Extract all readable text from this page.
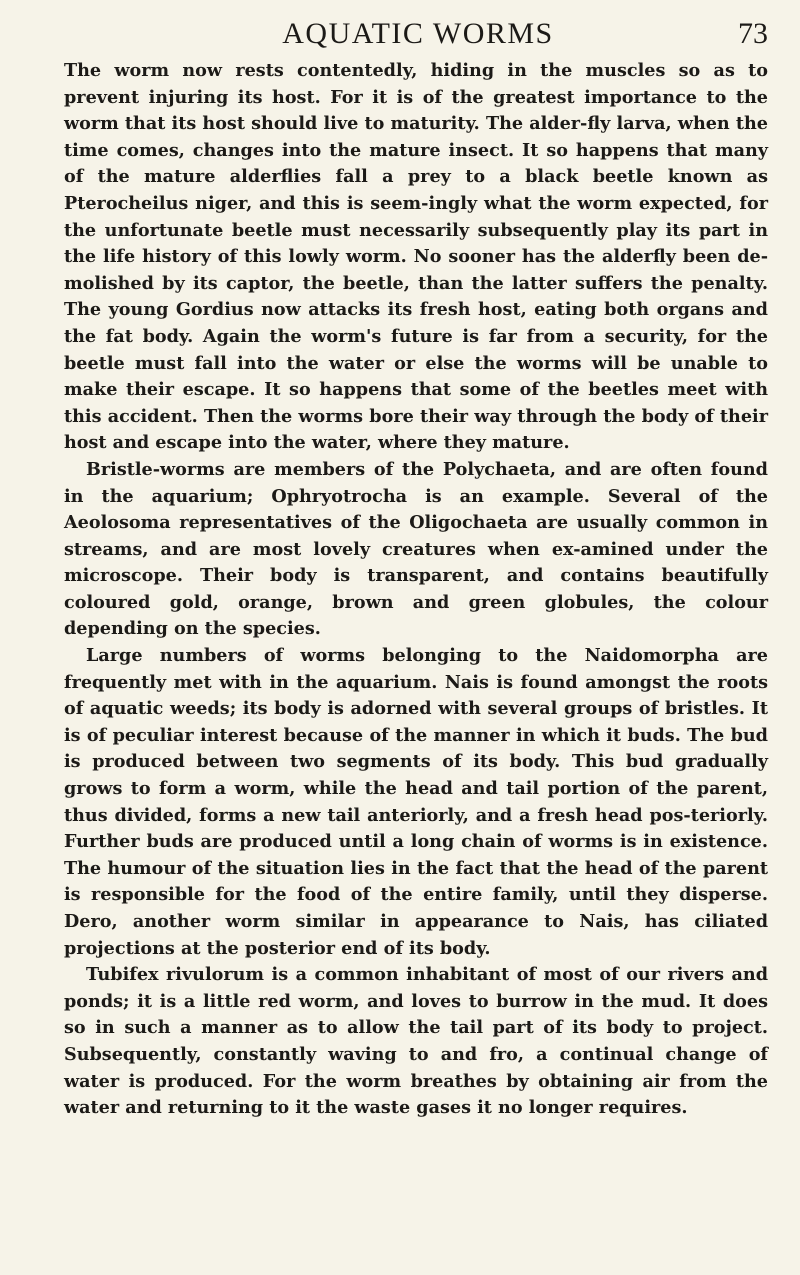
AQUATIC WORMS	73

The worm now rests contentedly, hiding in the muscles so as to prevent injuring its host. For it is of the greatest importance to the worm that its host should live to maturity. The alder-fly larva, when the time comes, changes into the mature insect. It so happens that many of the mature alderflies fall a prey to a black beetle known as Pterocheilus niger, and this is seem-ingly what the worm expected, for the unfortunate beetle must necessarily subsequently play its part in the life history of this lowly worm. No sooner has the alderfly been de-molished by its captor, the beetle, than the latter suffers the penalty. The young Gordius now attacks its fresh host, eating both organs and the fat body. Again the worm's future is far from a security, for the beetle must fall into the water or else the worms will be unable to make their escape. It so happens that some of the beetles meet with this accident. Then the worms bore their way through the body of their host and escape into the water, where they mature.

Bristle-worms are members of the Polychaeta, and are often found in the aquarium; Ophryotrocha is an example. Several of the Aeolosoma representatives of the Oligochaeta are usually common in streams, and are most lovely creatures when ex-amined under the microscope. Their body is transparent, and contains beautifully coloured gold, orange, brown and green globules, the colour depending on the species.

Large numbers of worms belonging to the Naidomorpha are frequently met with in the aquarium. Nais is found amongst the roots of aquatic weeds; its body is adorned with several groups of bristles. It is of peculiar interest because of the manner in which it buds. The bud is produced between two segments of its body. This bud gradually grows to form a worm, while the head and tail portion of the parent, thus divided, forms a new tail anteriorly, and a fresh head pos-teriorly. Further buds are produced until a long chain of worms is in existence. The humour of the situation lies in the fact that the head of the parent is responsible for the food of the entire family, until they disperse. Dero, another worm similar in appearance to Nais, has ciliated projections at the posterior end of its body.

Tubifex rivulorum is a common inhabitant of most of our rivers and ponds; it is a little red worm, and loves to burrow in the mud. It does so in such a manner as to allow the tail part of its body to project. Subsequently, constantly waving to and fro, a continual change of water is produced. For the worm breathes by obtaining air from the water and returning to it the waste gases it no longer requires.
